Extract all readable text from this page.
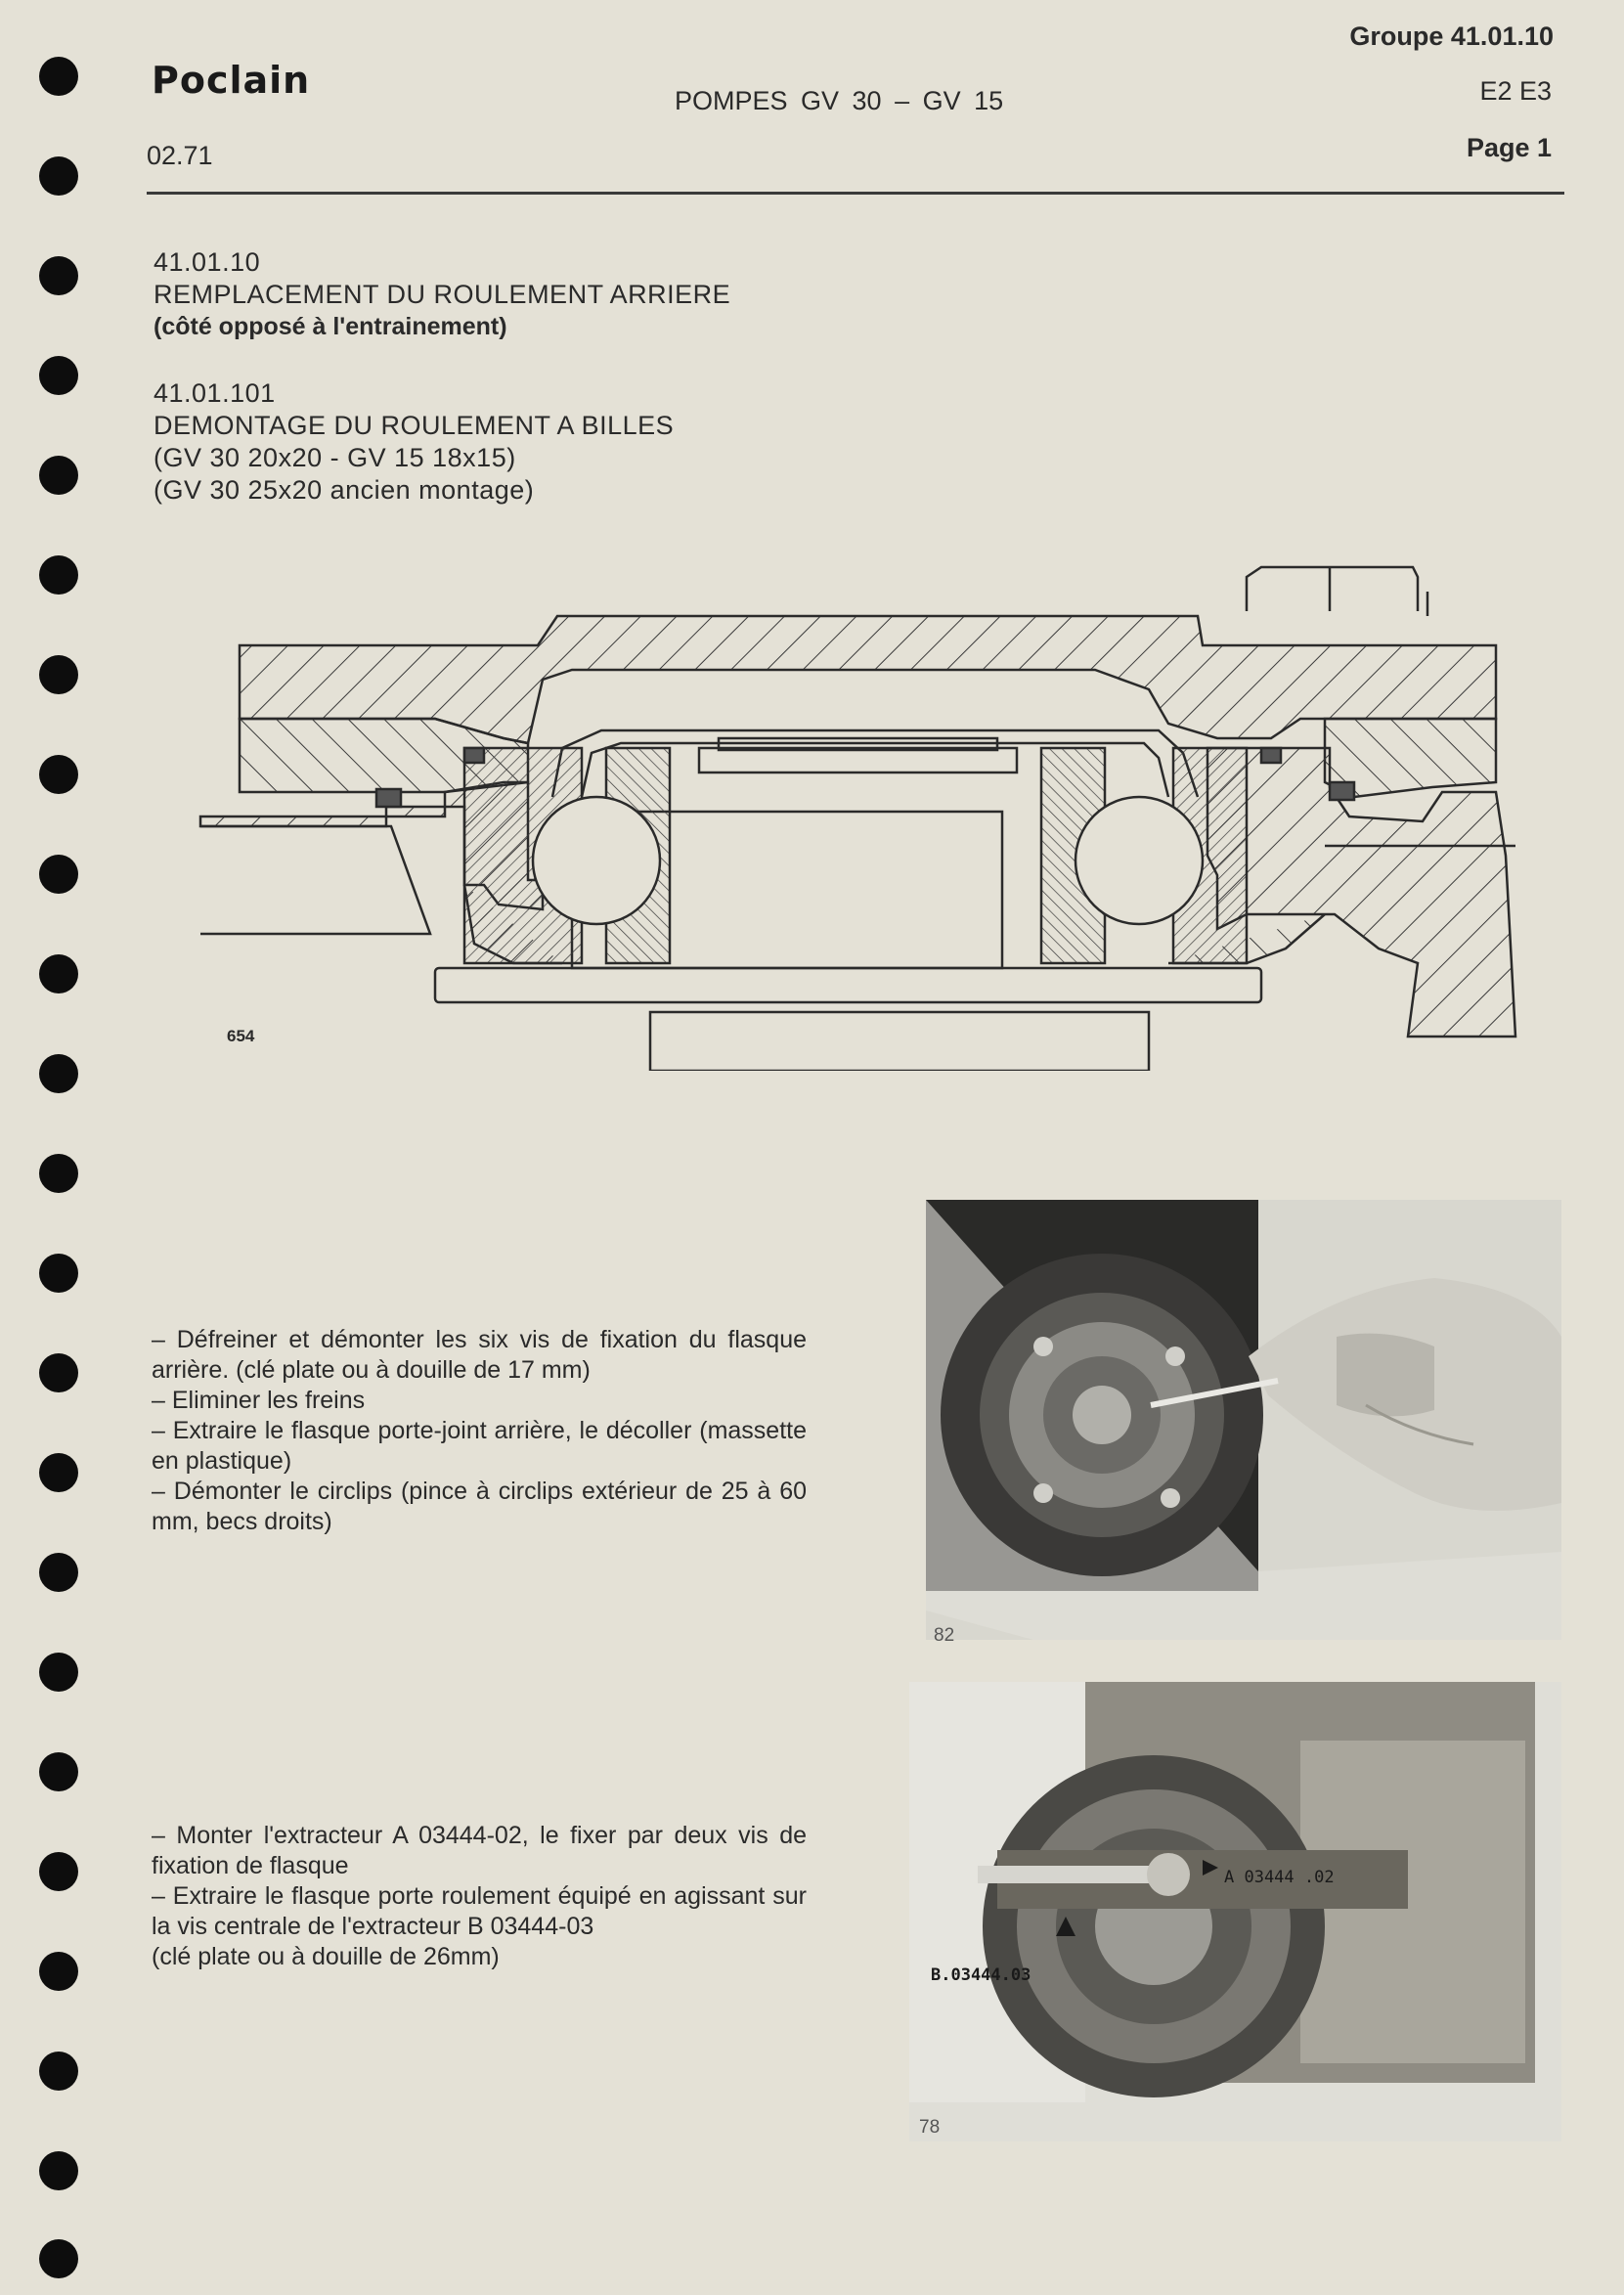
Poclain
02.71
POMPES GV 30 – GV 15
Groupe 41.01.10
E2 E3
Page 1
41.01.10
REMPLACEMENT DU ROULEMENT ARRIERE
(côté opposé à l'entrainement)
41.01.101
DEMONTAGE DU ROULEMENT A BILLES
(GV 30 20x20 - GV 15 18x15)
(GV 30 25x20 ancien montage)
654
– Défreiner et démonter les six vis de fixation du flasque arrière. (clé plate ou à douille de 17 mm)
– Eliminer les freins
– Extraire le flasque porte-joint arrière, le décoller (massette en plastique)
– Démonter le circlips (pince à circlips extérieur de 25 à 60 mm, becs droits)
82
– Monter l'extracteur A 03444-02, le fixer par deux vis de fixation de flasque
– Extraire le flasque porte roulement équipé en agissant sur la vis centrale de l'extracteur B 03444-03
(clé plate ou à douille de 26mm)
A 03444 .02
B.03444.03
78
